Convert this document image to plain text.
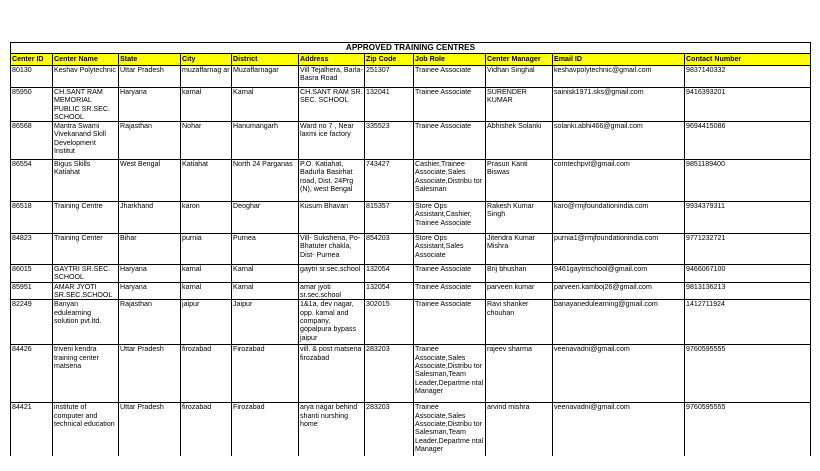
APPROVED TRAINING CENTRES										
Center ID	Center Name	State	City	District	Address	Zip Code	Job Role	Center Manager	Email ID	Contact Number
80130	Keshav Polytechnic	Uttar Pradesh	muzaffarnag ar	Muzaffarnagar	Vill Tejalhera, Barla-Basra Road	251307	Trainee Associate	Vidhan Singhal	keshavpolytechnic@gmail.com	9837140332
85950	CH.SANT RAM MEMORIAL PUBLIC SR.SEC. SCHOOL	Haryana	karnal	Karnal	CH.SANT RAM SR. SEC. SCHOOL	132041	Trainee Associate	SURENDER KUMAR	sainisk1971.sks@gmail.com	9416393201
86568	Mantra Swami Vivekanand Skill Development Institut	Rajasthan	Nohar	Hanumangarh	Ward no 7 , Near laxmi ice factory	335523	Trainee Associate	Abhishek Solanki	solanki.abhi466@gmail.com	9694415086
86554	Bigus Skills Katiahat	West Bengal	Katiahat	North 24 Parganas	P.O. Katiahat, Badurla Basirhat road, Dist. 24Prg (N), west Bengal	743427	Cashier,Trainee Associate,Sales Associate,Distribu tor Salesman	Prasun Kanti Biswas	comtechpvt@gmail.com	9851189400
86518	Training Centre	Jharkhand	karon	Deoghar	Kusum Bhavan	815357	Store Ops Assistant,Cashier, Trainee Associate	Rakesh Kumar Singh	karo@rmjfoundationindia.com	9934379311
84823	Training Center	Bihar	purnia	Purnea	Vill- Sukshena, Po- Bhatuter chakla, Dist- Purnea	854203	Store Ops Assistant,Sales Associate	Jitendra Kumar Mishra	purnia1@rmjfoundationindia.com	9771232721
86015	GAYTRI SR.SEC. SCHOOL	Haryana	karnal	Karnal	gaytri sr.sec.school	132054	Trainee Associate	Brij bhushan	9461gaytrischool@gmail.com	9466067100
85951	AMAR JYOTI SR.SEC.SCHOOL	Haryana	karnal	Karnal	amar jyoti sr.sec.school	132054	Trainee Associate	parveen kumar	parveen.kamboj26@gmail.com	9813136213
82249	Banyan edulearning solution pvt.ltd.	Rajasthan	jaipur	Jaipur	1&1a, dev nagar, opp. kamal and company, gopalpura bypass jaipur	302015	Trainee Associate	Ravi shanker chouhan	banayanedulearning@gmail.com	1412711924
84426	triveni kendra training center matsena	Uttar Pradesh	firozabad	Firozabad	vill. & post matsena firozabad	283203	Trainee Associate,Sales Associate,Distribu tor Salesman,Team Leader,Departme ntal Manager	rajeev sharma	veenavadni@gmail.com	9760595555
84421	institute of computer and technical education	Uttar Pradesh	firozabad	Firozabad	arya nagar behind shanti nurshing home	283203	Trainee Associate,Sales Associate,Distribu tor Salesman,Team Leader,Departme ntal Manager	arvind mishra	veenavadni@gmail.com	9760595555
